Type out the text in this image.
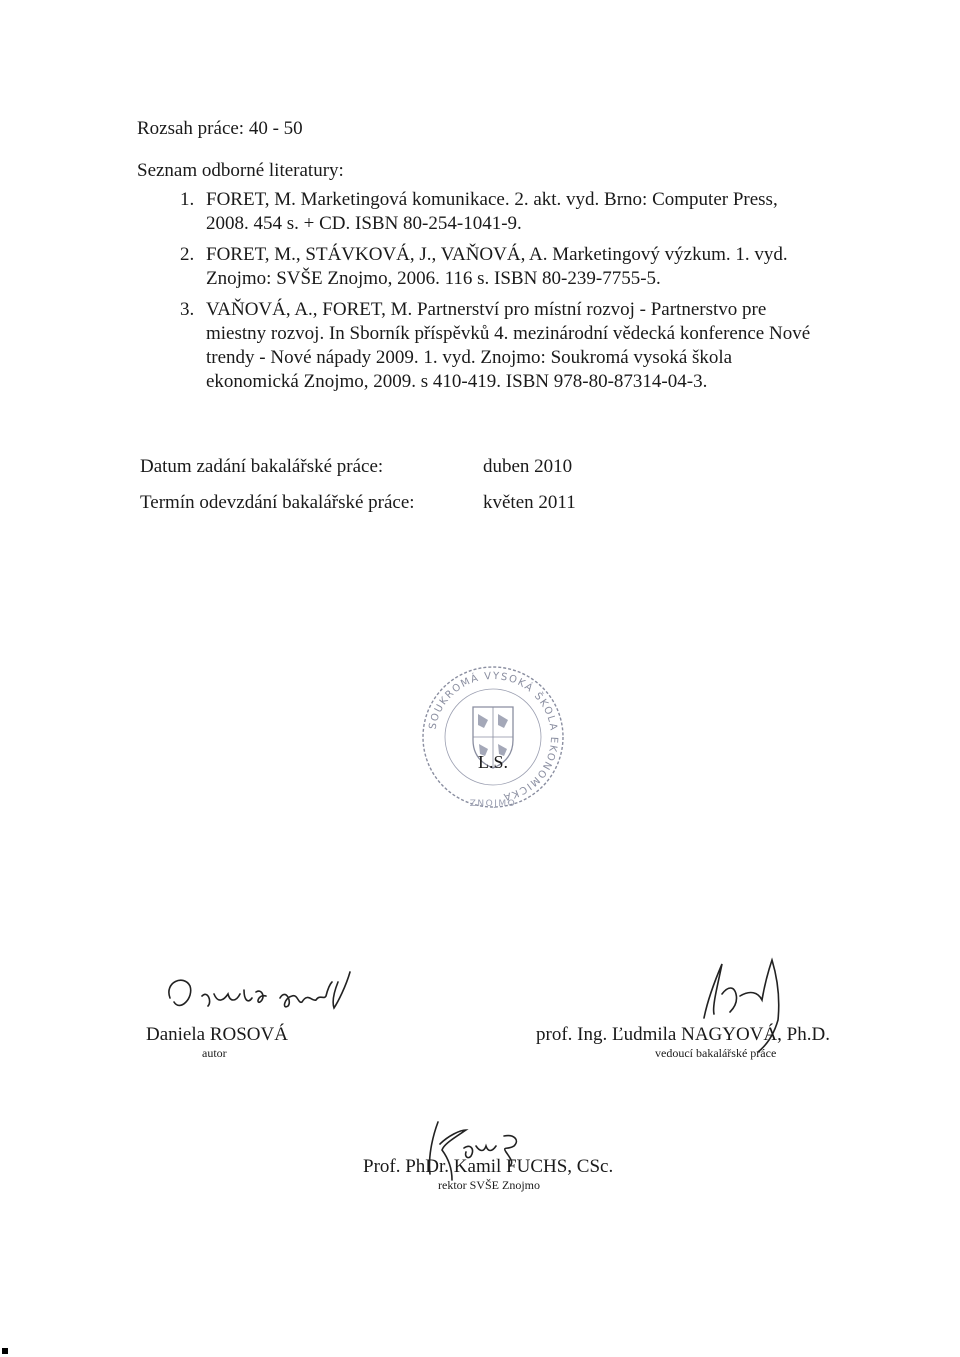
Rozsah práce: 40 - 50
Seznam odborné literatury:
1. FORET, M. Marketingová komunikace. 2. akt. vyd. Brno: Computer Press,
2008. 454 s. + CD. ISBN 80-254-1041-9.
2. FORET, M., STÁVKOVÁ, J., VAŇOVÁ, A. Marketingový výzkum. 1. vyd.
Znojmo: SVŠE Znojmo, 2006. 116 s. ISBN 80-239-7755-5.
3. VAŇOVÁ, A., FORET, M. Partnerství pro místní rozvoj - Partnerstvo pre
miestny rozvoj. In Sborník příspěvků 4. mezinárodní vědecká konference Nové
trendy - Nové nápady 2009. 1. vyd. Znojmo: Soukromá vysoká škola
ekonomická Znojmo, 2009. s 410-419. ISBN 978-80-87314-04-3.
Datum zadání bakalářské práce:	duben 2010
Termín odevzdání bakalářské práce:	květen 2011
SOUKROMÁ VYSOKÁ ŠKOLA EKONOMICKÁ
ZNOJMO
L.S.
Daniela ROSOVÁ
autor
prof. Ing. Ľudmila NAGYOVÁ, Ph.D.
vedoucí bakalářské práce
Prof. PhDr. Kamil FUCHS, CSc.
rektor SVŠE Znojmo
